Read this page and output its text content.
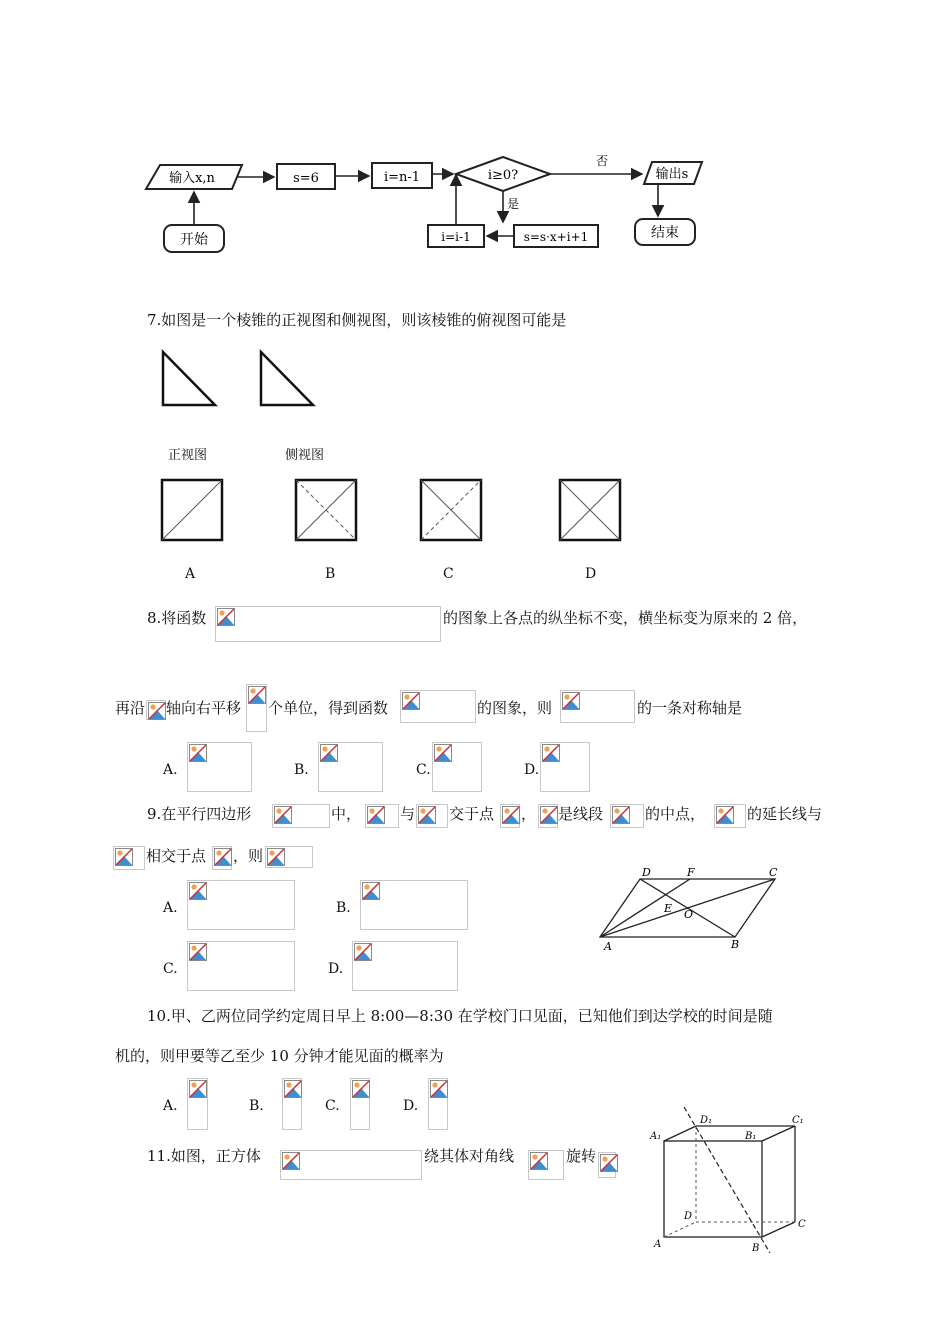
输入x,n	s=6	i=n-1	i≥0?	输出s
开始	结束
i=i-1	s=s·x+i+1
否
是
7.如图是一个棱锥的正视图和侧视图，则该棱锥的俯视图可能是
正视图	侧视图
A	B	C	D
8.将函数	的图象上各点的纵坐标不变，横坐标变为原来的 2 倍，
再沿 轴向右平移 个单位，得到函数	的图象，则	的一条对称轴是
A.	B.	C.	D.
9.在平行四边形	中，	与 交于点 ， 是线段	的中点，	的延长线与
相交于点 ，则
A.	B.
C.	D.
D	F	C
E O
A	B
10.甲、乙两位同学约定周日早上 8:00—8:30 在学校门口见面，已知他们到达学校的时间是随
机的，则甲要等乙至少 10 分钟才能见面的概率为
A.	B.	C.	D.
11.如图，正方体	绕其体对角线	旋转
A₁
D₁	C₁
B₁
D
C
A	B
